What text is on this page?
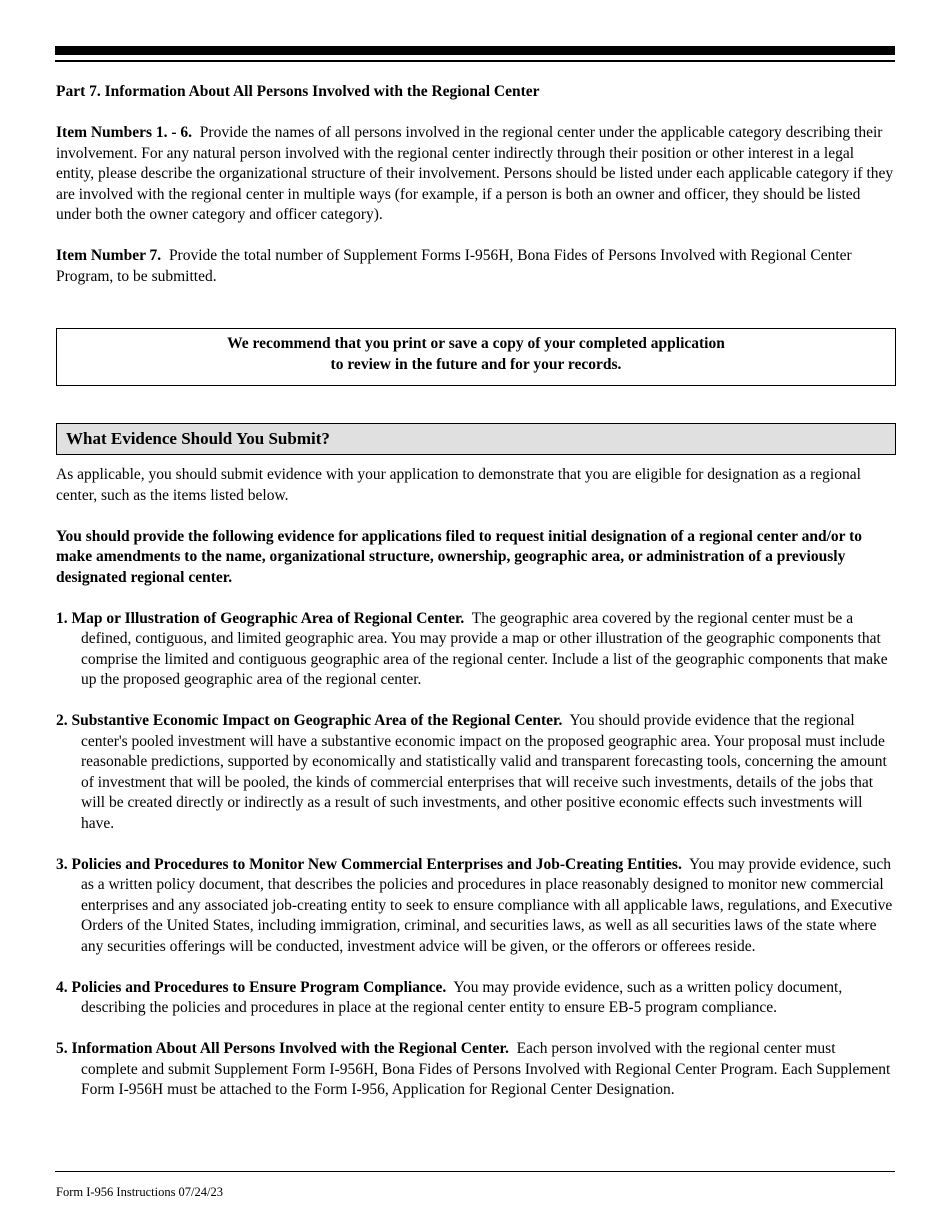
Part 7. Information About All Persons Involved with the Regional Center

Item Numbers 1. - 6. Provide the names of all persons involved in the regional center under the applicable category describing their involvement. For any natural person involved with the regional center indirectly through their position or other interest in a legal entity, please describe the organizational structure of their involvement. Persons should be listed under each applicable category if they are involved with the regional center in multiple ways (for example, if a person is both an owner and officer, they should be listed under both the owner category and officer category).

Item Number 7. Provide the total number of Supplement Forms I-956H, Bona Fides of Persons Involved with Regional Center Program, to be submitted.

We recommend that you print or save a copy of your completed application
to review in the future and for your records.
What Evidence Should You Submit?

As applicable, you should submit evidence with your application to demonstrate that you are eligible for designation as a regional center, such as the items listed below.

You should provide the following evidence for applications filed to request initial designation of a regional center and/or to make amendments to the name, organizational structure, ownership, geographic area, or administration of a previously designated regional center.

1. Map or Illustration of Geographic Area of Regional Center. The geographic area covered by the regional center must be a defined, contiguous, and limited geographic area. You may provide a map or other illustration of the geographic components that comprise the limited and contiguous geographic area of the regional center. Include a list of the geographic components that make up the proposed geographic area of the regional center.
2. Substantive Economic Impact on Geographic Area of the Regional Center. You should provide evidence that the regional center's pooled investment will have a substantive economic impact on the proposed geographic area. Your proposal must include reasonable predictions, supported by economically and statistically valid and transparent forecasting tools, concerning the amount of investment that will be pooled, the kinds of commercial enterprises that will receive such investments, details of the jobs that will be created directly or indirectly as a result of such investments, and other positive economic effects such investments will have.
3. Policies and Procedures to Monitor New Commercial Enterprises and Job-Creating Entities. You may provide evidence, such as a written policy document, that describes the policies and procedures in place reasonably designed to monitor new commercial enterprises and any associated job-creating entity to seek to ensure compliance with all applicable laws, regulations, and Executive Orders of the United States, including immigration, criminal, and securities laws, as well as all securities laws of the state where any securities offerings will be conducted, investment advice will be given, or the offerors or offerees reside.
4. Policies and Procedures to Ensure Program Compliance. You may provide evidence, such as a written policy document, describing the policies and procedures in place at the regional center entity to ensure EB-5 program compliance.
5. Information About All Persons Involved with the Regional Center. Each person involved with the regional center must complete and submit Supplement Form I-956H, Bona Fides of Persons Involved with Regional Center Program. Each Supplement Form I-956H must be attached to the Form I-956, Application for Regional Center Designation.
Form I-956 Instructions 07/24/23
